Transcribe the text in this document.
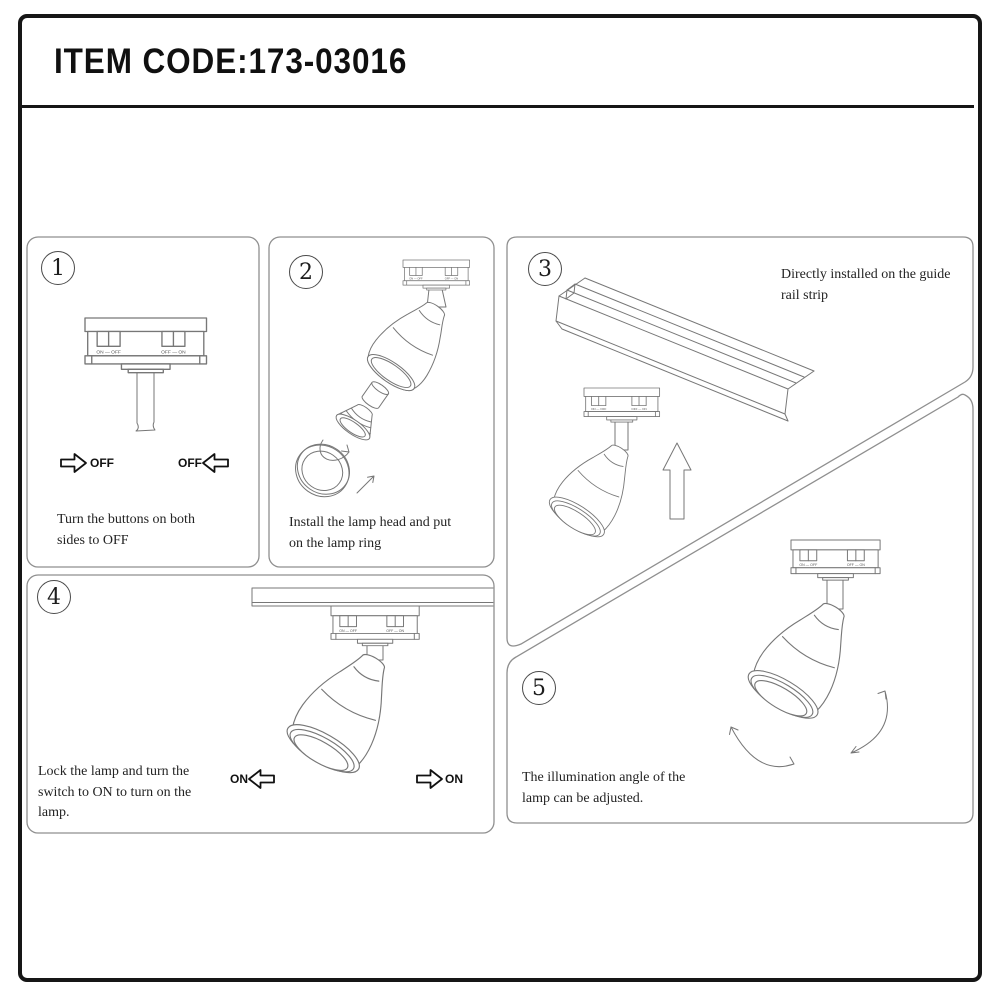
ITEM CODE:173-03016
ON — OFF	OFF — ON
1	2	3
4
5
OFF	OFF
ON	ON
Turn the buttons on both
sides to OFF
Install the lamp head and put
on the lamp ring
Directly installed on the guide
rail strip
Lock the lamp and turn the
switch to ON to turn on the
lamp.
The illumination angle of the
lamp can be adjusted.
